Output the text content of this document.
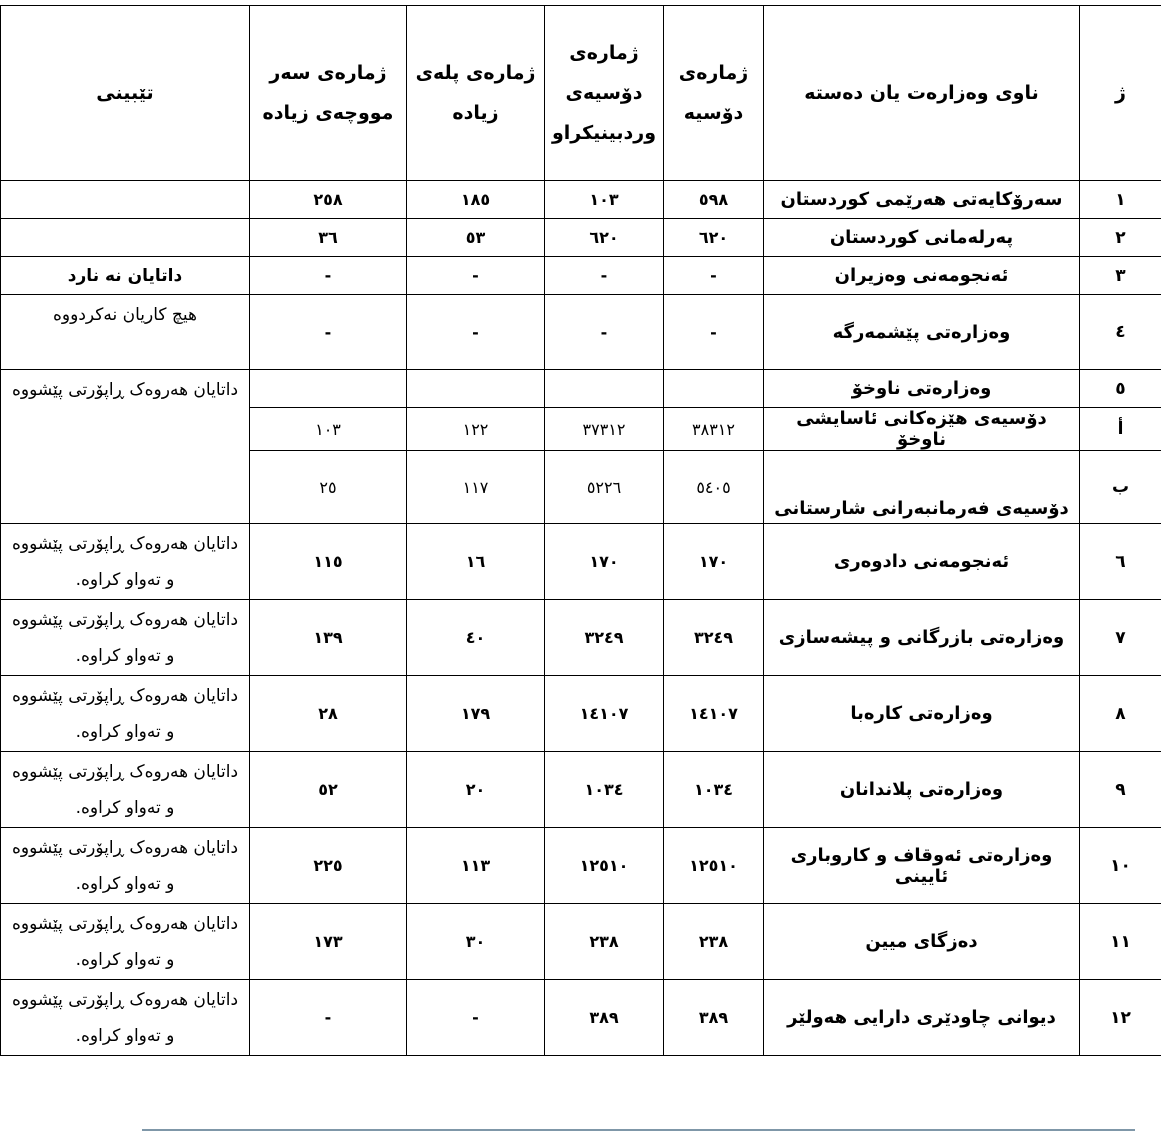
ژ	ناوی وەزارەت یان دەستە	ژمارەی دۆسیە	ژمارەی دۆسیەی وردبینیکراو	ژمارەی پلەی زیادە	ژمارەی سەر مووچەی زیادە	تێبینی
١	سەرۆکایەتی هەرێمی کوردستان	٥٩٨	١٠٣	١٨٥	٢٥٨	
٢	پەرلەمانی کوردستان	٦٢٠	٦٢٠	٥٣	٣٦	
٣	ئەنجومەنی وەزیران	-	-	-	-	داتایان نە نارد
٤	وەزارەتی پێشمەرگە	-	-	-	-	هیچ کاریان نەکردووە
٥	وەزارەتی ناوخۆ					داتایان هەروەک ڕاپۆرتی پێشووە
أ	دۆسیەی هێزەکانی ئاسایشی ناوخۆ	٣٨٣١٢	٣٧٣١٢	١٢٢	١٠٣	
ب	دۆسیەی فەرمانبەرانی شارستانی	٥٤٠٥	٥٢٢٦	١١٧	٢٥	
٦	ئەنجومەنی دادوەری	١٧٠	١٧٠	١٦	١١٥	داتایان هەروەک ڕاپۆرتی پێشووە و تەواو کراوە.
٧	وەزارەتی بازرگانی و پیشەسازی	٣٢٤٩	٣٢٤٩	٤٠	١٣٩	داتایان هەروەک ڕاپۆرتی پێشووە و تەواو کراوە.
٨	وەزارەتی کارەبا	١٤١٠٧	١٤١٠٧	١٧٩	٢٨	داتایان هەروەک ڕاپۆرتی پێشووە و تەواو کراوە.
٩	وەزارەتی پلاندانان	١٠٣٤	١٠٣٤	٢٠	٥٢	داتایان هەروەک ڕاپۆرتی پێشووە و تەواو کراوە.
١٠	وەزارەتی ئەوقاف و کاروباری ئایینی	١٢٥١٠	١٢٥١٠	١١٣	٢٢٥	داتایان هەروەک ڕاپۆرتی پێشووە و تەواو کراوە.
١١	دەزگای میین	٢٣٨	٢٣٨	٣٠	١٧٣	داتایان هەروەک ڕاپۆرتی پێشووە و تەواو کراوە.
١٢	دیوانی چاودێری دارایی هەولێر	٣٨٩	٣٨٩	-	-	داتایان هەروەک ڕاپۆرتی پێشووە و تەواو کراوە.
